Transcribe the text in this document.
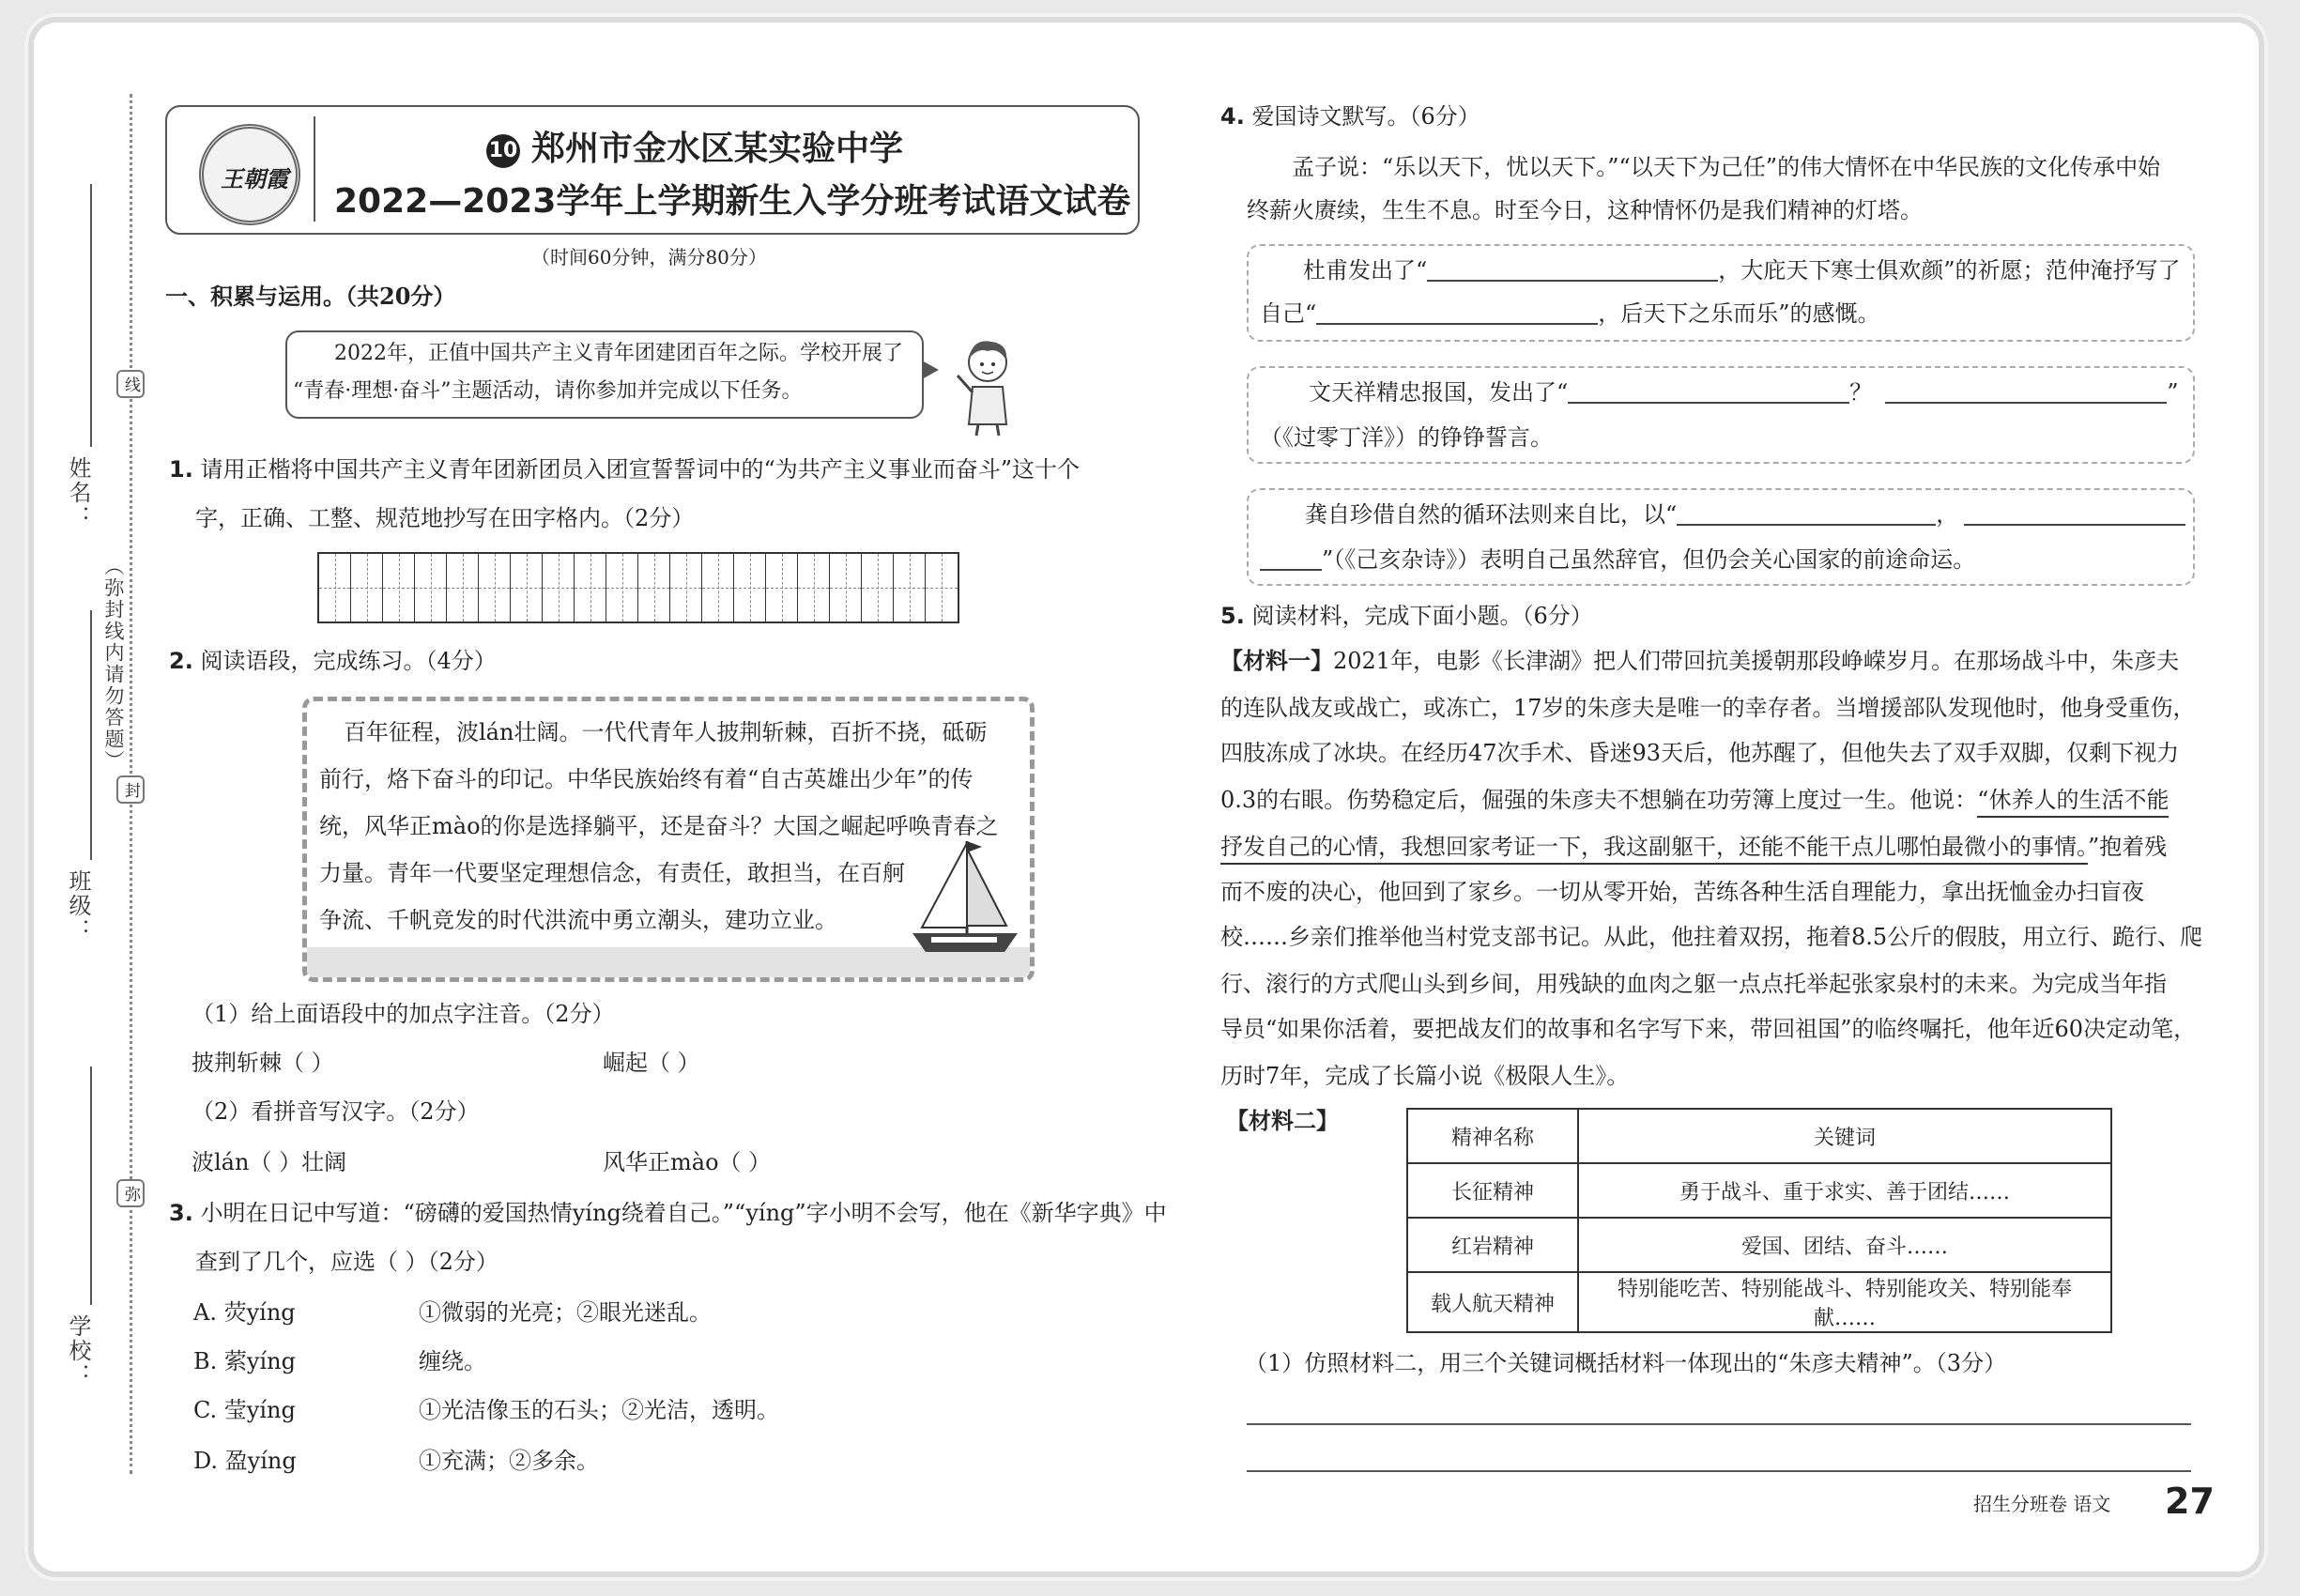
姓名：
（弥封线内请勿答题）
班级：
学校：
线
封
弥
王朝霞
10 郑州市金水区某实验中学
2022—2023学年上学期新生入学分班考试语文试卷
（时间60分钟，满分80分）
一、积累与运用。（共20分）
2022年，正值中国共产主义青年团建团百年之际。学校开展了
“青春·理想·奋斗”主题活动，请你参加并完成以下任务。
1. 请用正楷将中国共产主义青年团新团员入团宣誓誓词中的“为共产主义事业而奋斗”这十个
字，正确、工整、规范地抄写在田字格内。（2分）
2. 阅读语段，完成练习。（4分）
百年征程，波lán壮阔。一代代青年人披荆斩棘，百折不挠，砥砺
前行，烙下奋斗的印记。中华民族始终有着“自古英雄出少年”的传
统，风华正mào的你是选择躺平，还是奋斗？大国之崛起呼唤青春之
力量。青年一代要坚定理想信念，有责任，敢担当，在百舸
争流、千帆竞发的时代洪流中勇立潮头，建功立业。
（1）给上面语段中的加点字注音。（2分）
披荆斩棘（ ）	崛起（ ）
（2）看拼音写汉字。（2分）
波lán（ ）壮阔	风华正mào（ ）
3. 小明在日记中写道：“磅礴的爱国热情yíng绕着自己。”“yíng”字小明不会写，他在《新华字典》中
查到了几个，应选（ ）（2分）
A. 荧yíng	①微弱的光亮；②眼光迷乱。
B. 萦yíng	缠绕。
C. 莹yíng	①光洁像玉的石头；②光洁，透明。
D. 盈yíng	①充满；②多余。
4. 爱国诗文默写。（6分）
孟子说：“乐以天下，忧以天下。”“以天下为己任”的伟大情怀在中华民族的文化传承中始
终薪火赓续，生生不息。时至今日，这种情怀仍是我们精神的灯塔。
杜甫发出了“	，大庇天下寒士俱欢颜”的祈愿；范仲淹抒写了
自己“	，后天下之乐而乐”的感慨。
文天祥精忠报国，发出了“	？	”
（《过零丁洋》）的铮铮誓言。
龚自珍借自然的循环法则来自比，以“	，
”（《己亥杂诗》）表明自己虽然辞官，但仍会关心国家的前途命运。
5. 阅读材料，完成下面小题。（6分）
【材料一】2021年，电影《长津湖》把人们带回抗美援朝那段峥嵘岁月。在那场战斗中，朱彦夫
的连队战友或战亡，或冻亡，17岁的朱彦夫是唯一的幸存者。当增援部队发现他时，他身受重伤，
四肢冻成了冰块。在经历47次手术、昏迷93天后，他苏醒了，但他失去了双手双脚，仅剩下视力
0.3的右眼。伤势稳定后，倔强的朱彦夫不想躺在功劳簿上度过一生。他说：“休养人的生活不能
抒发自己的心情，我想回家考证一下，我这副躯干，还能不能干点儿哪怕最微小的事情。”抱着残
而不废的决心，他回到了家乡。一切从零开始，苦练各种生活自理能力，拿出抚恤金办扫盲夜
校……乡亲们推举他当村党支部书记。从此，他拄着双拐，拖着8.5公斤的假肢，用立行、跪行、爬
行、滚行的方式爬山头到乡间，用残缺的血肉之躯一点点托举起张家泉村的未来。为完成当年指
导员“如果你活着，要把战友们的故事和名字写下来，带回祖国”的临终嘱托，他年近60决定动笔，
历时7年，完成了长篇小说《极限人生》。
【材料二】
精神名称	关键词
长征精神	勇于战斗、重于求实、善于团结……
红岩精神	爱国、团结、奋斗……
载人航天精神	特别能吃苦、特别能战斗、特别能攻关、特别能奉献……
（1）仿照材料二，用三个关键词概括材料一体现出的“朱彦夫精神”。（3分）
招生分班卷 语文 27
